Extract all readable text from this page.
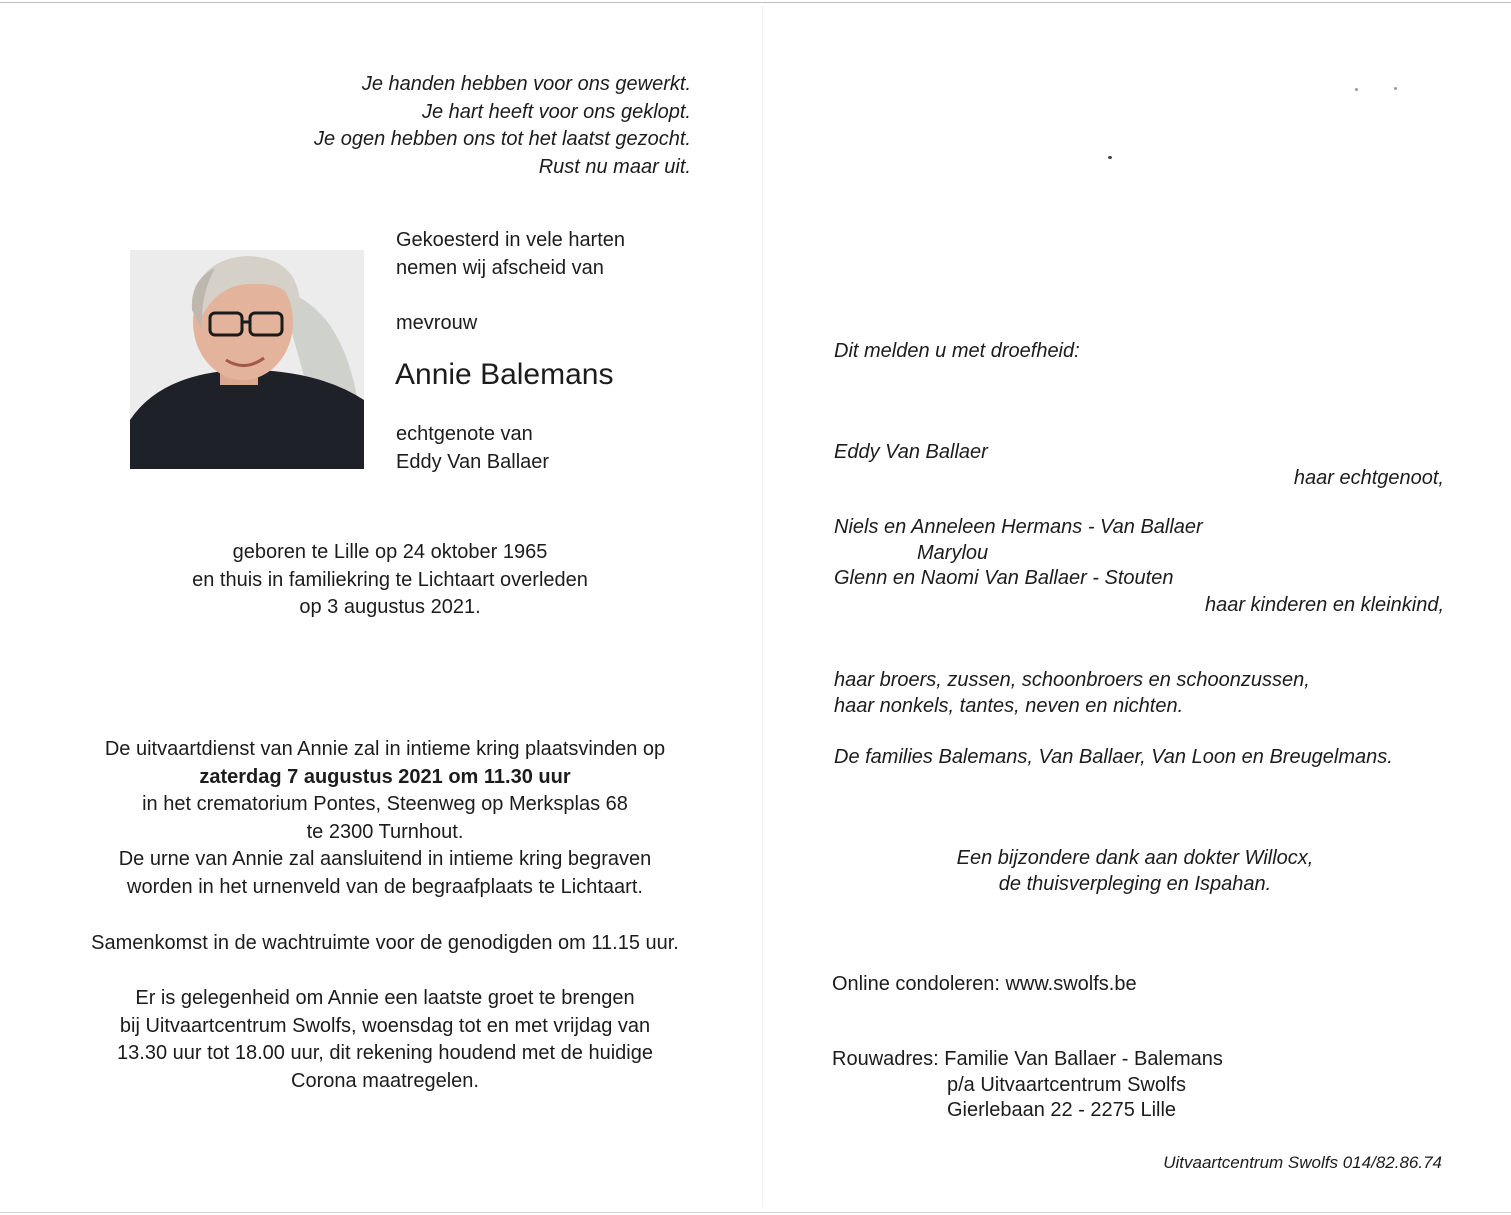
Je handen hebben voor ons gewerkt.
Je hart heeft voor ons geklopt.
Je ogen hebben ons tot het laatst gezocht.
Rust nu maar uit.
Gekoesterd in vele harten
nemen wij afscheid van
mevrouw
Annie Balemans
echtgenote van
Eddy Van Ballaer
geboren te Lille op 24 oktober 1965
en thuis in familiekring te Lichtaart overleden
op 3 augustus 2021.
De uitvaartdienst van Annie zal in intieme kring plaatsvinden op
zaterdag 7 augustus 2021 om 11.30 uur
in het crematorium Pontes, Steenweg op Merksplas 68
te 2300 Turnhout.
De urne van Annie zal aansluitend in intieme kring begraven
worden in het urnenveld van de begraafplaats te Lichtaart.
Samenkomst in de wachtruimte voor de genodigden om 11.15 uur.
Er is gelegenheid om Annie een laatste groet te brengen
bij Uitvaartcentrum Swolfs, woensdag tot en met vrijdag van
13.30 uur tot 18.00 uur, dit rekening houdend met de huidige
Corona maatregelen.
Dit melden u met droefheid:
Eddy Van Ballaer
haar echtgenoot,
Niels en Anneleen Hermans - Van Ballaer
Marylou
Glenn en Naomi Van Ballaer - Stouten
haar kinderen en kleinkind,
haar broers, zussen, schoonbroers en schoonzussen,
haar nonkels, tantes, neven en nichten.
De families Balemans, Van Ballaer, Van Loon en Breugelmans.
Een bijzondere dank aan dokter Willocx,
de thuisverpleging en Ispahan.
Online condoleren: www.swolfs.be
Rouwadres: Familie Van Ballaer - Balemans
p/a Uitvaartcentrum Swolfs
Gierlebaan 22 - 2275 Lille
Uitvaartcentrum Swolfs 014/82.86.74
